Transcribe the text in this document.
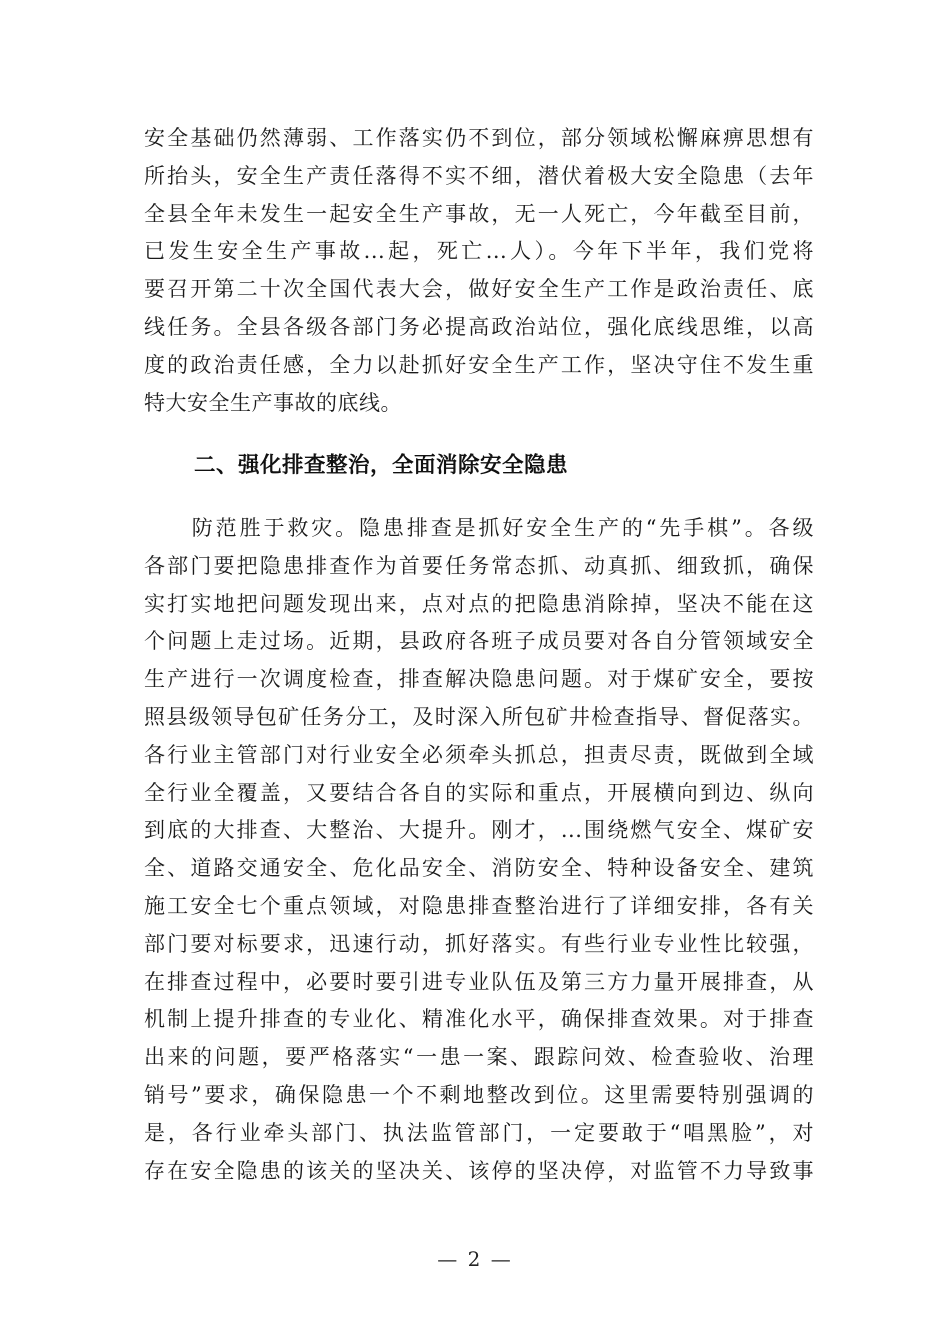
安全基础仍然薄弱、工作落实仍不到位，部分领域松懈麻痹思想有
所抬头，安全生产责任落得不实不细，潜伏着极大安全隐患（去年
全县全年未发生一起安全生产事故，无一人死亡，今年截至目前，
已发生安全生产事故...起，死亡...人）。今年下半年，我们党将
要召开第二十次全国代表大会，做好安全生产工作是政治责任、底
线任务。全县各级各部门务必提高政治站位，强化底线思维，以高
度的政治责任感，全力以赴抓好安全生产工作，坚决守住不发生重
特大安全生产事故的底线。
二、强化排查整治，全面消除安全隐患
　　防范胜于救灾。隐患排查是抓好安全生产的“先手棋”。各级
各部门要把隐患排查作为首要任务常态抓、动真抓、细致抓，确保
实打实地把问题发现出来，点对点的把隐患消除掉，坚决不能在这
个问题上走过场。近期，县政府各班子成员要对各自分管领域安全
生产进行一次调度检查，排查解决隐患问题。对于煤矿安全，要按
照县级领导包矿任务分工，及时深入所包矿井检查指导、督促落实。
各行业主管部门对行业安全必须牵头抓总，担责尽责，既做到全域
全行业全覆盖，又要结合各自的实际和重点，开展横向到边、纵向
到底的大排查、大整治、大提升。刚才，...围绕燃气安全、煤矿安
全、道路交通安全、危化品安全、消防安全、特种设备安全、建筑
施工安全七个重点领域，对隐患排查整治进行了详细安排，各有关
部门要对标要求，迅速行动，抓好落实。有些行业专业性比较强，
在排查过程中，必要时要引进专业队伍及第三方力量开展排查，从
机制上提升排查的专业化、精准化水平，确保排查效果。对于排查
出来的问题，要严格落实“一患一案、跟踪问效、检查验收、治理
销号”要求，确保隐患一个不剩地整改到位。这里需要特别强调的
是，各行业牵头部门、执法监管部门，一定要敢于“唱黑脸”，对
存在安全隐患的该关的坚决关、该停的坚决停，对监管不力导致事
— 2 —
